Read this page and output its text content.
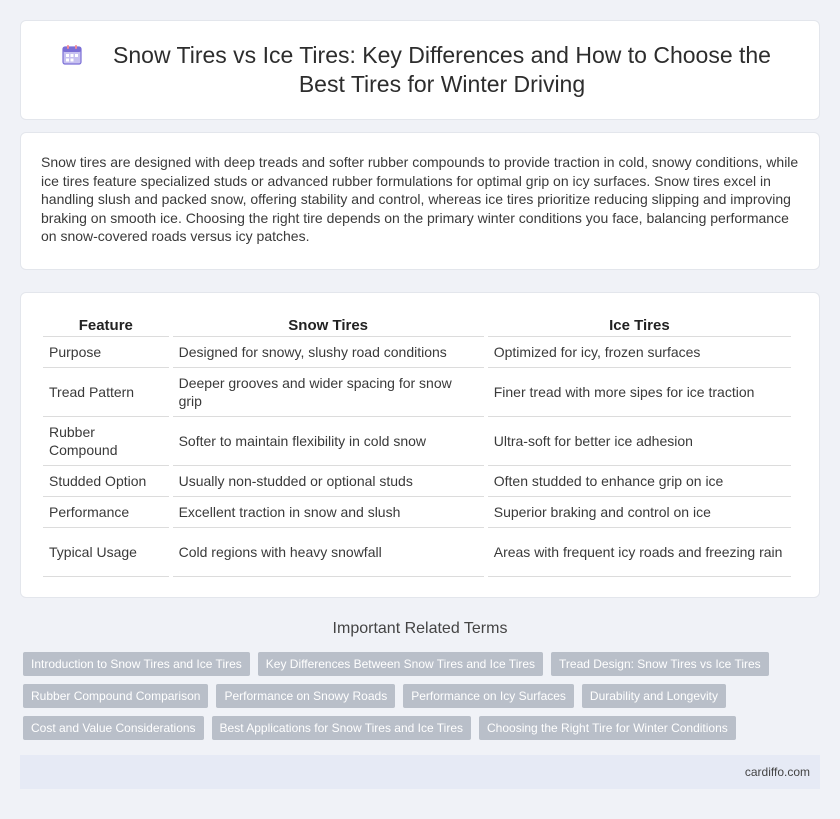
Snow Tires vs Ice Tires: Key Differences and How to Choose the Best Tires for Winter Driving

Snow tires are designed with deep treads and softer rubber compounds to provide traction in cold, snowy conditions, while ice tires feature specialized studs or advanced rubber formulations for optimal grip on icy surfaces. Snow tires excel in handling slush and packed snow, offering stability and control, whereas ice tires prioritize reducing slipping and improving braking on smooth ice. Choosing the right tire depends on the primary winter conditions you face, balancing performance on snow-covered roads versus icy patches.

Feature	Snow Tires	Ice Tires
Purpose	Designed for snowy, slushy road conditions	Optimized for icy, frozen surfaces
Tread Pattern	Deeper grooves and wider spacing for snow grip	Finer tread with more sipes for ice traction
Rubber Compound	Softer to maintain flexibility in cold snow	Ultra-soft for better ice adhesion
Studded Option	Usually non-studded or optional studs	Often studded to enhance grip on ice
Performance	Excellent traction in snow and slush	Superior braking and control on ice
Typical Usage	Cold regions with heavy snowfall	Areas with frequent icy roads and freezing rain
Important Related Terms
Introduction to Snow Tires and Ice Tires	Key Differences Between Snow Tires and Ice Tires	Tread Design: Snow Tires vs Ice Tires
Rubber Compound Comparison	Performance on Snowy Roads	Performance on Icy Surfaces	Durability and Longevity
Cost and Value Considerations	Best Applications for Snow Tires and Ice Tires	Choosing the Right Tire for Winter Conditions
cardiffo.com
